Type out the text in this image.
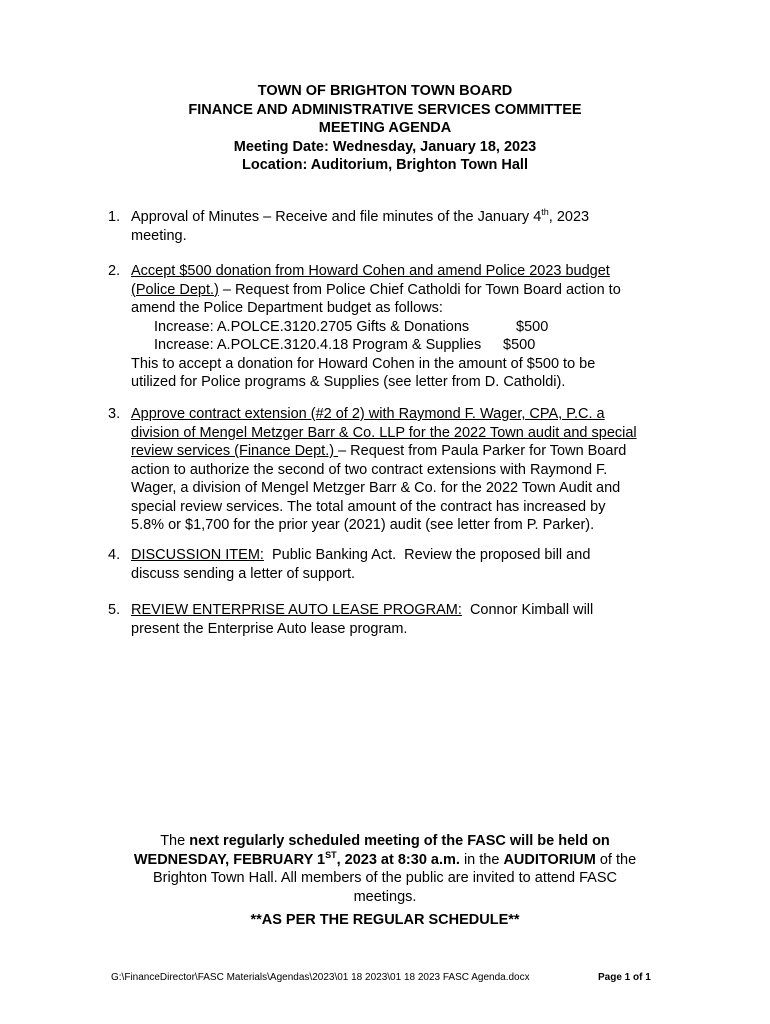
TOWN OF BRIGHTON TOWN BOARD
FINANCE AND ADMINISTRATIVE SERVICES COMMITTEE
MEETING AGENDA
Meeting Date: Wednesday, January 18, 2023
Location: Auditorium, Brighton Town Hall
1. Approval of Minutes – Receive and file minutes of the January 4th, 2023
meeting.
2. Accept $500 donation from Howard Cohen and amend Police 2023 budget
(Police Dept.) – Request from Police Chief Catholdi for Town Board action to
amend the Police Department budget as follows:
Increase: A.POLCE.3120.2705 Gifts & Donations	$500
Increase: A.POLCE.3120.4.18 Program & Supplies $500
This to accept a donation for Howard Cohen in the amount of $500 to be
utilized for Police programs & Supplies (see letter from D. Catholdi).
3. Approve contract extension (#2 of 2) with Raymond F. Wager, CPA, P.C. a
division of Mengel Metzger Barr & Co. LLP for the 2022 Town audit and special
review services (Finance Dept.) – Request from Paula Parker for Town Board
action to authorize the second of two contract extensions with Raymond F.
Wager, a division of Mengel Metzger Barr & Co. for the 2022 Town Audit and
special review services. The total amount of the contract has increased by
5.8% or $1,700 for the prior year (2021) audit (see letter from P. Parker).
4. DISCUSSION ITEM:  Public Banking Act.  Review the proposed bill and
discuss sending a letter of support.
5. REVIEW ENTERPRISE AUTO LEASE PROGRAM:  Connor Kimball will
present the Enterprise Auto lease program.
The next regularly scheduled meeting of the FASC will be held on
WEDNESDAY, FEBRUARY 1ST, 2023 at 8:30 a.m. in the AUDITORIUM of the
Brighton Town Hall. All members of the public are invited to attend FASC
meetings.
**AS PER THE REGULAR SCHEDULE**
G:\FinanceDirector\FASC Materials\Agendas\2023\01 18 2023\01 18 2023 FASC Agenda.docx	Page 1 of 1
